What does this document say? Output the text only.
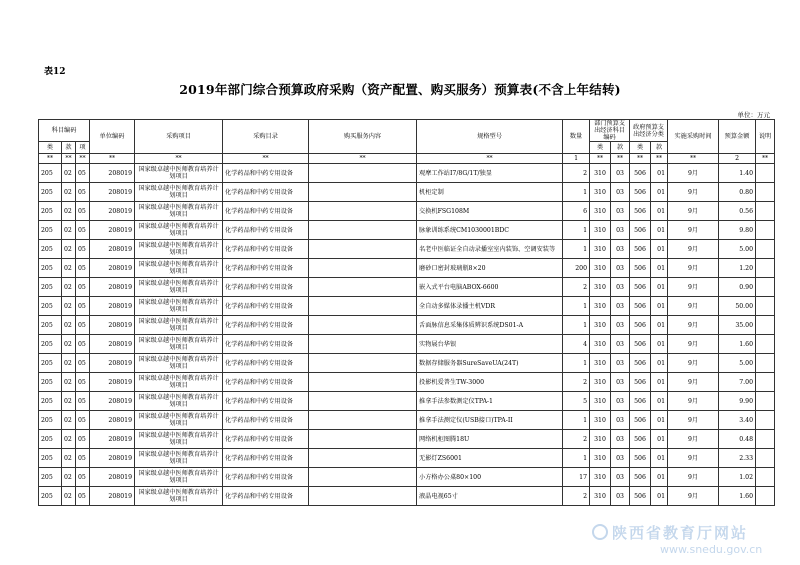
表12
2019年部门综合预算政府采购（资产配置、购买服务）预算表(不含上年结转)
单位：万元
科目编码			单位编码	采购项目	采购目录	购买服务内容	规格型号	数量	部门预算支出经济科目编码		政府预算支出经济分类		实施采购时间	预算金额	说明
类	款	项							类	款	类	款			
**	**	**	**	**	**	**	**	1	**	**	**	**	**	2	**
205	02	05	208019	国家级卓越中医师教育培养计划项目	化学药品和中药专用设备		观摩工作站I7/8G/1T/独显	2	310	03	506	01	9月	1.40	
205	02	05	208019	国家级卓越中医师教育培养计划项目	化学药品和中药专用设备		机柜定制	1	310	03	506	01	9月	0.80	
205	02	05	208019	国家级卓越中医师教育培养计划项目	化学药品和中药专用设备		交换机FSG108M	6	310	03	506	01	9月	0.56	
205	02	05	208019	国家级卓越中医师教育培养计划项目	化学药品和中药专用设备		脉象训练系统CM1030001BDC	1	310	03	506	01	9月	9.80	
205	02	05	208019	国家级卓越中医师教育培养计划项目	化学药品和中药专用设备		名老中医临证全自动录播室室内装饰、空调安装等	1	310	03	506	01	9月	5.00	
205	02	05	208019	国家级卓越中医师教育培养计划项目	化学药品和中药专用设备		磨砂口密封玻璃瓶8×20	200	310	03	506	01	9月	1.20	
205	02	05	208019	国家级卓越中医师教育培养计划项目	化学药品和中药专用设备		嵌入式平台电脑ABOX-6600	2	310	03	506	01	9月	0.90	
205	02	05	208019	国家级卓越中医师教育培养计划项目	化学药品和中药专用设备		全自动多媒体录播主机VDR	1	310	03	506	01	9月	50.00	
205	02	05	208019	国家级卓越中医师教育培养计划项目	化学药品和中药专用设备		舌面脉信息采集体质辨识系统DS01-A	1	310	03	506	01	9月	35.00	
205	02	05	208019	国家级卓越中医师教育培养计划项目	化学药品和中药专用设备		实物展台华银	4	310	03	506	01	9月	1.60	
205	02	05	208019	国家级卓越中医师教育培养计划项目	化学药品和中药专用设备		数据存储服务器SureSaveUA(24T)	1	310	03	506	01	9月	5.00	
205	02	05	208019	国家级卓越中医师教育培养计划项目	化学药品和中药专用设备		投影机爱普生TW-3000	2	310	03	506	01	9月	7.00	
205	02	05	208019	国家级卓越中医师教育培养计划项目	化学药品和中药专用设备		推拿手法参数测定仪TPA-1	5	310	03	506	01	9月	9.90	
205	02	05	208019	国家级卓越中医师教育培养计划项目	化学药品和中药专用设备		推拿手法测定仪(USB接口)TPA-II	1	310	03	506	01	9月	3.40	
205	02	05	208019	国家级卓越中医师教育培养计划项目	化学药品和中药专用设备		网络机柜图腾18U	2	310	03	506	01	9月	0.48	
205	02	05	208019	国家级卓越中医师教育培养计划项目	化学药品和中药专用设备		无影灯ZS6001	1	310	03	506	01	9月	2.33	
205	02	05	208019	国家级卓越中医师教育培养计划项目	化学药品和中药专用设备		小方格办公桌80×100	17	310	03	506	01	9月	1.02	
205	02	05	208019	国家级卓越中医师教育培养计划项目	化学药品和中药专用设备		液晶电视65寸	2	310	03	506	01	9月	1.60	
陕西省教育厅网站
www.snedu.gov.cn
